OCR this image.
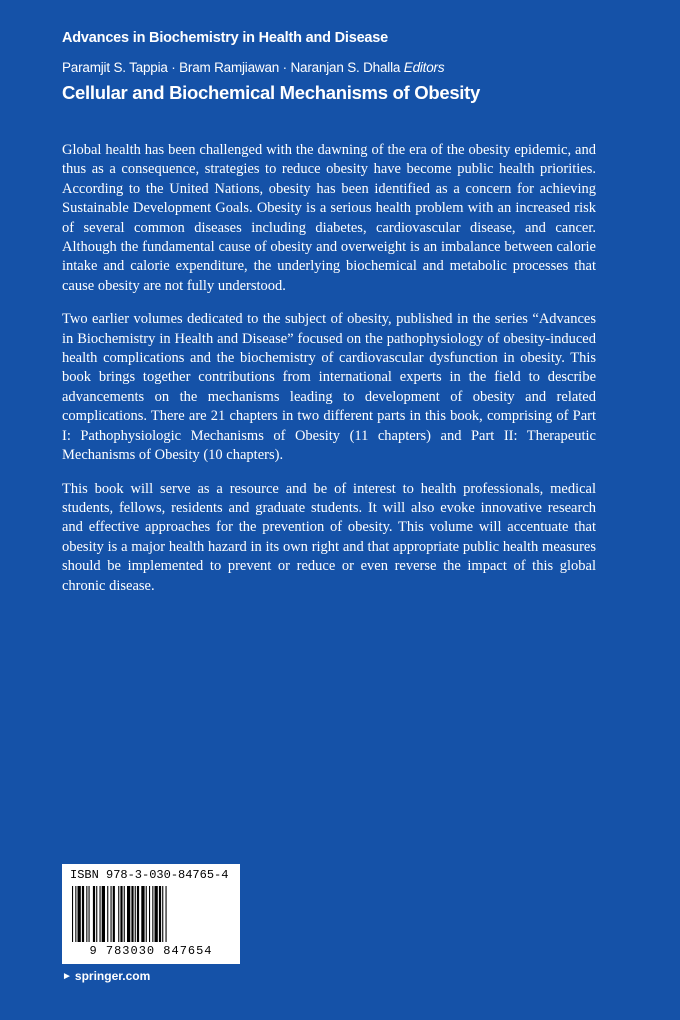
Advances in Biochemistry in Health and Disease
Paramjit S. Tappia · Bram Ramjiawan · Naranjan S. Dhalla Editors
Cellular and Biochemical Mechanisms of Obesity

Global health has been challenged with the dawning of the era of the obesity epidemic, and thus as a consequence, strategies to reduce obesity have become public health priorities. According to the United Nations, obesity has been identified as a concern for achieving Sustainable Development Goals. Obesity is a serious health problem with an increased risk of several common diseases including diabetes, cardiovascular disease, and cancer. Although the fundamental cause of obesity and overweight is an imbalance between calorie intake and calorie expenditure, the underlying biochemical and metabolic processes that cause obesity are not fully understood.

Two earlier volumes dedicated to the subject of obesity, published in the series “Advances in Biochemistry in Health and Disease” focused on the pathophysiology of obesity-induced health complications and the biochemistry of cardiovascular dysfunction in obesity. This book brings together contributions from international experts in the field to describe advancements on the mechanisms leading to development of obesity and related complications. There are 21 chapters in two different parts in this book, comprising of Part I: Pathophysiologic Mechanisms of Obesity (11 chapters) and Part II: Therapeutic Mechanisms of Obesity (10 chapters).

This book will serve as a resource and be of interest to health professionals, medical students, fellows, residents and graduate students. It will also evoke innovative research and effective approaches for the prevention of obesity. This volume will accentuate that obesity is a major health hazard in its own right and that appropriate public health measures should be implemented to prevent or reduce or even reverse the impact of this global chronic disease.

ISBN 978-3-030-84765-4
9 783030 847654
► springer.com
